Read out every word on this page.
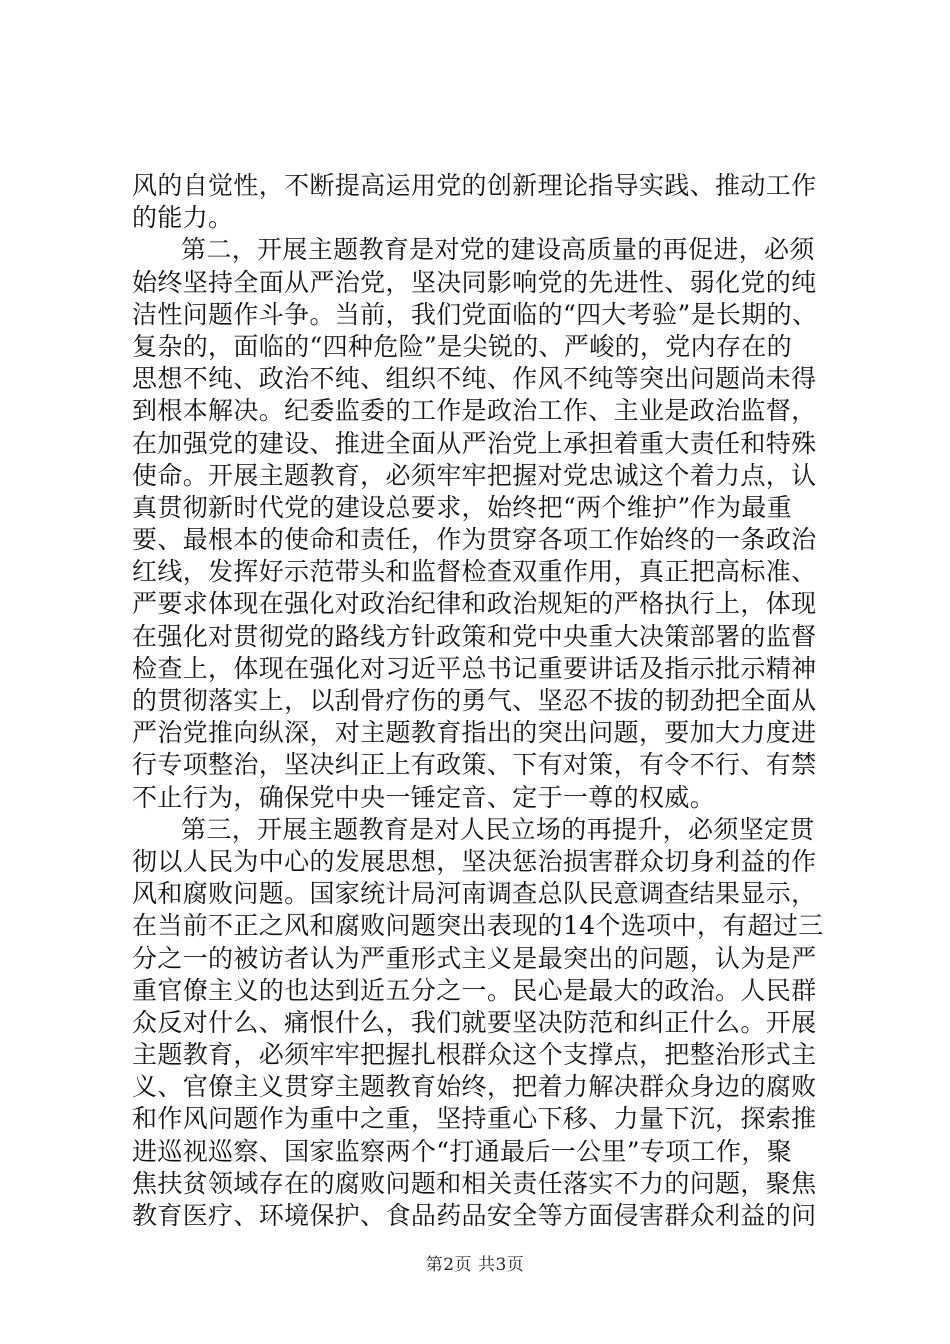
风的自觉性，不断提高运用党的创新理论指导实践、推动工作
的能力。
第二，开展主题教育是对党的建设高质量的再促进，必须
始终坚持全面从严治党，坚决同影响党的先进性、弱化党的纯
洁性问题作斗争。当前，我们党面临的“四大考验”是长期的、
复杂的，面临的“四种危险”是尖锐的、严峻的，党内存在的
思想不纯、政治不纯、组织不纯、作风不纯等突出问题尚未得
到根本解决。纪委监委的工作是政治工作、主业是政治监督，
在加强党的建设、推进全面从严治党上承担着重大责任和特殊
使命。开展主题教育，必须牢牢把握对党忠诚这个着力点，认
真贯彻新时代党的建设总要求，始终把“两个维护”作为最重
要、最根本的使命和责任，作为贯穿各项工作始终的一条政治
红线，发挥好示范带头和监督检查双重作用，真正把高标准、
严要求体现在强化对政治纪律和政治规矩的严格执行上，体现
在强化对贯彻党的路线方针政策和党中央重大决策部署的监督
检查上，体现在强化对习近平总书记重要讲话及指示批示精神
的贯彻落实上，以刮骨疗伤的勇气、坚忍不拔的韧劲把全面从
严治党推向纵深，对主题教育指出的突出问题，要加大力度进
行专项整治，坚决纠正上有政策、下有对策，有令不行、有禁
不止行为，确保党中央一锤定音、定于一尊的权威。
第三，开展主题教育是对人民立场的再提升，必须坚定贯
彻以人民为中心的发展思想，坚决惩治损害群众切身利益的作
风和腐败问题。国家统计局河南调查总队民意调查结果显示，
在当前不正之风和腐败问题突出表现的14个选项中，有超过三
分之一的被访者认为严重形式主义是最突出的问题，认为是严
重官僚主义的也达到近五分之一。民心是最大的政治。人民群
众反对什么、痛恨什么，我们就要坚决防范和纠正什么。开展
主题教育，必须牢牢把握扎根群众这个支撑点，把整治形式主
义、官僚主义贯穿主题教育始终，把着力解决群众身边的腐败
和作风问题作为重中之重，坚持重心下移、力量下沉，探索推
进巡视巡察、国家监察两个“打通最后一公里”专项工作，聚
焦扶贫领域存在的腐败问题和相关责任落实不力的问题，聚焦
教育医疗、环境保护、食品药品安全等方面侵害群众利益的问
第2页 共3页
